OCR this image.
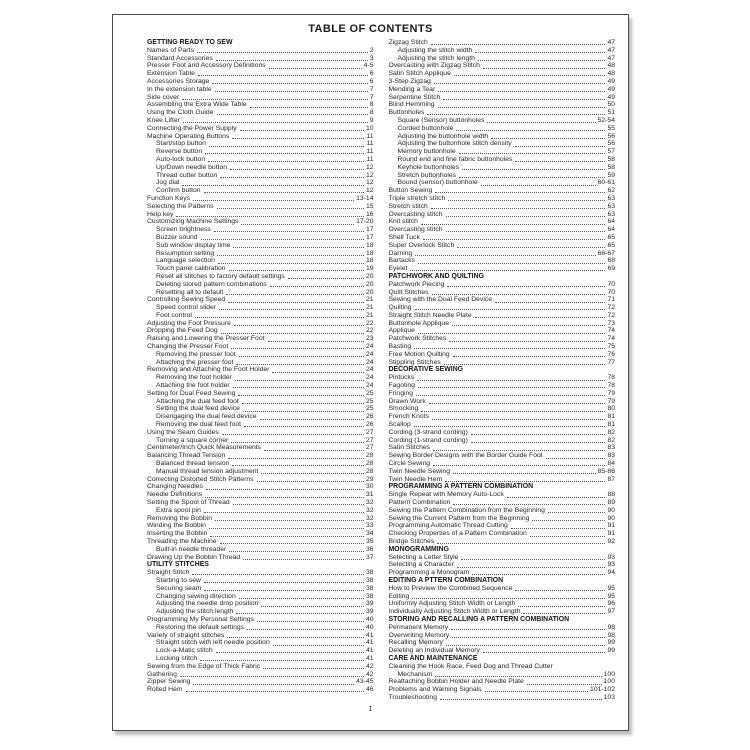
TABLE OF CONTENTS
GETTING READY TO SEW
Names of Parts	2
Standard Accessories	3
Presser Foot and Accessory Definitions	4-5
Extension Table	6
Accessories Storage	6
In the extension table	7
Side cover	7
Assembling the Extra Wide Table	8
Using the Cloth Guide	8
Knee Lifter	9
Connecting the Power Supply	10
Machine Operating Buttons	11
Start/stop button	11
Reverse button	11
Auto-lock button	11
Up/Down needle button	12
Thread cutter button	12
Jog dial	12
Confirm button	12
Function Keys	13-14
Selecting the Patterns	15
Help key	16
Customizing Machine Settings	17-20
Screen brightness	17
Buzzer sound	17
Sub window display time	18
Resumption setting	18
Language selection	18
Touch panel calibration	19
Reset all stitches to factory default settings	20
Deleting stored pattern combinations	20
Resetting all to default	20
Controlling Sewing Speed	21
Speed control slider	21
Foot control	21
Adjusting the Foot Pressure	22
Dropping the Feed Dog	22
Raising and Lowering the Presser Foot	23
Changing the Presser Foot	24
Removing the presser foot	24
Attaching the presser foot	24
Removing and Attaching the Foot Holder	24
Removing the foot holder	24
Attaching the foot holder	24
Setting for Dual Feed Sewing	25
Attaching the dual feed foot	25
Setting the dual feed device	25
Disengaging the dual feed device	26
Removing the dual feed foot	26
Using the Seam Guides	27
Turning a square corner	27
Centimeter/Inch Quick Measurements	27
Balancing Thread Tension	28
Balanced thread tension	28
Manual thread tension adjustment	28
Correcting Distorted Stitch Patterns	29
Changing Needles	30
Needle Definitions	31
Setting the Spool of Thread	32
Extra spool pin	32
Removing the Bobbin	32
Winding the Bobbin	33
Inserting the Bobbin	34
Threading the Machine	35
Built-in needle threader	36
Drawing Up the Bobbin Thread	37
UTILITY STITCHES
Straight Stitch	38
Starting to sew	38
Securing seam	38
Changing sewing direction	38
Adjusting the needle drop position	39
Adjusting the stitch length	39
Programming My Personal Settings	40
Restoring the default settings	40
Variety of straight stitches	41
Straight stitch with left needle position	41
Lock-a-Matic stitch	41
Locking stitch	41
Sewing from the Edge of Thick Fabric	42
Gathering	42
Zipper Sewing	43-45
Rolled Hem	46
Zigzag Stitch	47
Adjusting the stitch width	47
Adjusting the stitch length	47
Overcasting with Zigzag Stitch	48
Satin Stitch Applique	48
3-Step Zigzag	49
Mending a Tear	49
Serpentine Stitch	49
Blind Hemming	50
Buttonholes	51
Square (Sensor) buttonholes	52-54
Corded buttonhole	55
Adjusting the buttonhole width	56
Adjusting the buttonhole stitch density	56
Memory buttonhole	57
Round end and fine fabric buttonholes	58
Keyhole buttonholes	58
Stretch buttonholes	59
Bound (sensor) buttonhole	60-61
Button Sewing	62
Triple stretch stitch	63
Stretch stitch	63
Overcasting stitch	63
Knit stitch	64
Overcasting stitch	64
Shell Tuck	65
Super Overlock Stitch	65
Darning	66-67
Bartacks	68
Eyelet	69
PATCHWORK AND QUILTING
Patchwork Piecing	70
Quilt Stitches	70
Sewing with the Dual Feed Device	71
Quilting	72
Straight Stitch Needle Plate	72
Buttonhole Applique	73
Applique	74
Patchwork Stitches	74
Basting	75
Free Motion Quilting	76
Stippling Stitches	77
DECORATIVE SEWING
Pintucks	78
Fagoting	78
Fringing	79
Drawn Work	79
Smocking	80
French Knots	81
Scallop	81
Cording (3-strand cording)	82
Cording (1-strand cording)	82
Satin Stitches	83
Sewing Border Designs with the Border Guide Foot	83
Circle Sewing	84
Twin Needle Sewing	85-86
Twin Needle Hem	87
PROGRAMMING A PATTERN COMBINATION
Single Repeat with Memory Auto-Lock	88
Pattern Combination	89
Sewing the Pattern Combination from the Beginning	90
Sewing the Current Pattern from the Beginning	90
Programming Automatic Thread Cutting	91
Checking Properties of a Pattern Combination	91
Bridge Stitches	92
MONOGRAMMING
Selecting a Letter Style	93
Selecting a Character	93
Programming a Monogram	94
EDITING A PTTERN COMBINATION
How to Preview the Combined Sequence	95
Editing	95
Uniformly Adjusting Stitch Width or Length	96
Individually Adjusting Stitch Width or Length	97
STORING AND RECALLING A PATTERN COMBINATION
Permanent Memory	98
Overwriting Memory	98
Recalling Memory	99
Deleting an Individual Memory	99
CARE AND MAINTENANCE
Cleaning the Hook Race, Feed Dog and Thread Cutter
Mechanism	100
Reattaching Bobbin Holder and Needle Plate	100
Problems and Warning Signals	101-102
Troubleshooting	103
1
